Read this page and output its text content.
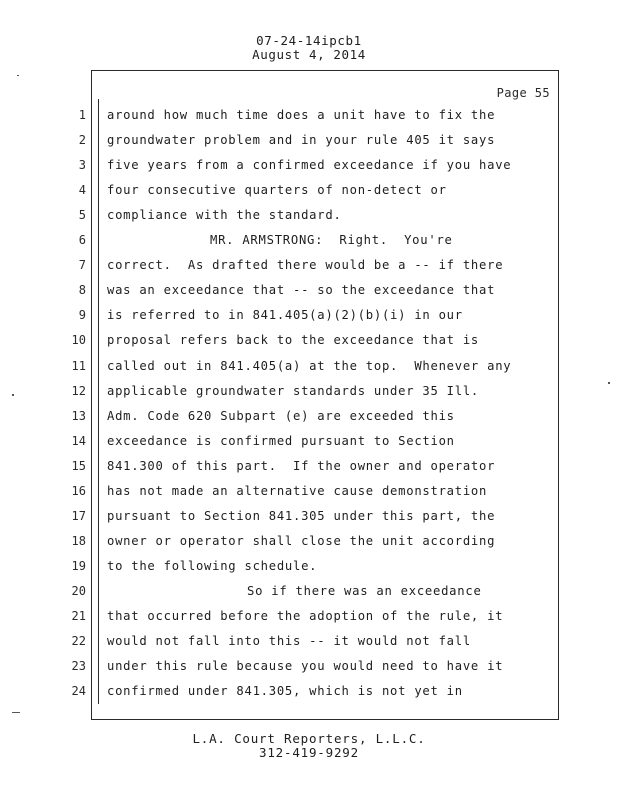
07-24-14ipcb1
August 4, 2014
Page 55
1 around how much time does a unit have to fix the
2 groundwater problem and in your rule 405 it says
3 five years from a confirmed exceedance if you have
4 four consecutive quarters of non-detect or
5 compliance with the standard.
6	MR. ARMSTRONG:  Right.  You're
7 correct.  As drafted there would be a -- if there
8 was an exceedance that -- so the exceedance that
9 is referred to in 841.405(a)(2)(b)(i) in our
10 proposal refers back to the exceedance that is
11 called out in 841.405(a) at the top.  Whenever any
12 applicable groundwater standards under 35 Ill.
13 Adm. Code 620 Subpart (e) are exceeded this
14 exceedance is confirmed pursuant to Section
15 841.300 of this part.  If the owner and operator
16 has not made an alternative cause demonstration
17 pursuant to Section 841.305 under this part, the
18 owner or operator shall close the unit according
19 to the following schedule.
20	So if there was an exceedance
21 that occurred before the adoption of the rule, it
22 would not fall into this -- it would not fall
23 under this rule because you would need to have it
24 confirmed under 841.305, which is not yet in
L.A. Court Reporters, L.L.C.
312-419-9292
